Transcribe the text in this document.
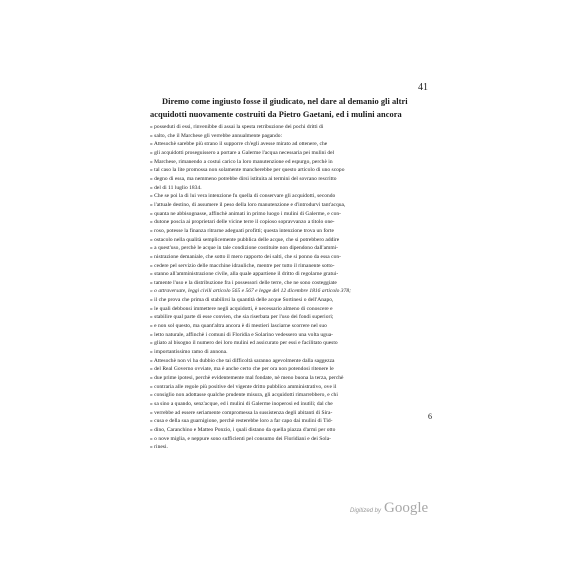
41
Diremo come ingiusto fosse il giudicato, nel dare al demanio gli altri
acquidotti nuovamente costruiti da Pietro Gaetani, ed i mulini ancora
» posseduti di essi, rinvenibbe di assai la spesta retribuzione dei pochi dritti di
» salto, che il Marchese gli verrebbe annualmente pagando:
» Attesochè sarebbe più strano il supporre ch'egli avesse mirato ad ottenere, che
» gli acquidotti proseguissero a portare a Galerme l'acqua necessaria pei mulini del
» Marchese, rimanendo a costui carico la loro manutenzione ed espurgo, perchè in
» tal caso la lite promossa non solamente mancherebbe per questo articolo di uno scopo
» degno di essa, ma nemmeno potrebbe dirsi istituita ai termini del sovrano rescritto
» del di 11 luglio 1834.
» Che se poi la di lui vera intenzione fu quella di conservare gli acquidotti, secondo
» l'attuale destino, di assumere il peso della loro manutenzione e d'introdurvi tant'acqua,
» quanta ne abbisognasse, affinchè animati in primo luogo i mulini di Galerme, e con-
» dutone poscia ai proprietari delle vicine terre il copioso sopravvanzo a titolo one-
» roso, potesse la finanza ritrarne adeguati profitti; questa intenzione trova un forte
» ostacolo nella qualità semplicemente pubblica delle acque, che si potrebbero addire
» a quest'uso, perchè le acque in tale condizione costituite non dipendono dall'ammi-
» nistrazione demaniale, che sotto il mero rapporto dei salti, che si ponno da essa con-
» cedere pel servizio delle macchine idrauliche, mentre per tutto il rimanente sotto-
» stanno all'amministrazione civile, alla quale appartiene il dritto di regolarne gratui-
» tamente l'uso e la distribuzione fra i possessori delle terre, che ne sono costeggiate
» o attraversate, leggi civili articolo 565 e 567 e legge del 12 dicembre 1816 articolo 378;
» il che prova che prima di stabilirsi la quantità delle acque Sortinesi o dell'Anapo,
» le quali debbonsi immettere negli acquidotti, è necessario almeno di conoscere e
» stabilire qual parte di esse convien, che sia riserbata per l'uso dei fondi superiori;
» e non sol questo, ma quant'altra ancora è di mestieri lasciarne scorrere nel suo
» letto naturale, affinchè i comuni di Floridia e Solarino vedessero una volta ugua-
» gliato al bisogno il numero dei loro mulini ed assicurato per essi e facilitato questo
» importantissimo ramo di annona.
» Attesochè non vi ha dubbio che tai difficoltà saranno agevolmente dalla saggezza
» del Real Governo ovviate, ma è anche certo che per ora non potendosi ritenere le
» due prime ipotesi, perchè evidentemente mal fondate, nè meno buona la terza, perchè
» contraria alle regole più positive del vigente dritto pubblico amministrativo, ove il
» consiglio non adottasse qualche prudente misura, gli acquidotti rimarrebbero, e chi
» sa sino a quando, senz'acque, ed i mulini di Galerme inoperosi ed inutili; dal che
» verrebbe ad essere seriamente compromessa la sussistenza degli abitanti di Sira-
» cusa e della sua guarnigione, perchè resterebbe loro a far capo dai mulini di Tid-
» dino, Caranchino e Matteo Ponzio, i quali distano da quella piazza d'armi per otto
» o nove miglia, e neppure sono sufficienti pel consumo dei Floridiani e dei Sola-
» rinesi.
6
Digitized by Google
